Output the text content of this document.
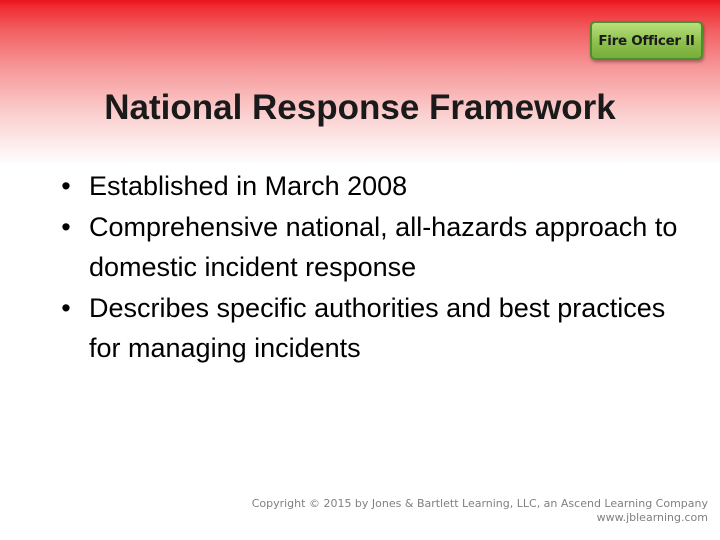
Fire Officer II
National Response Framework
• Established in March 2008
• Comprehensive national, all-hazards approach to domestic incident response
• Describes specific authorities and best practices for managing incidents
Copyright © 2015 by Jones & Bartlett Learning, LLC, an Ascend Learning Company
www.jblearning.com
